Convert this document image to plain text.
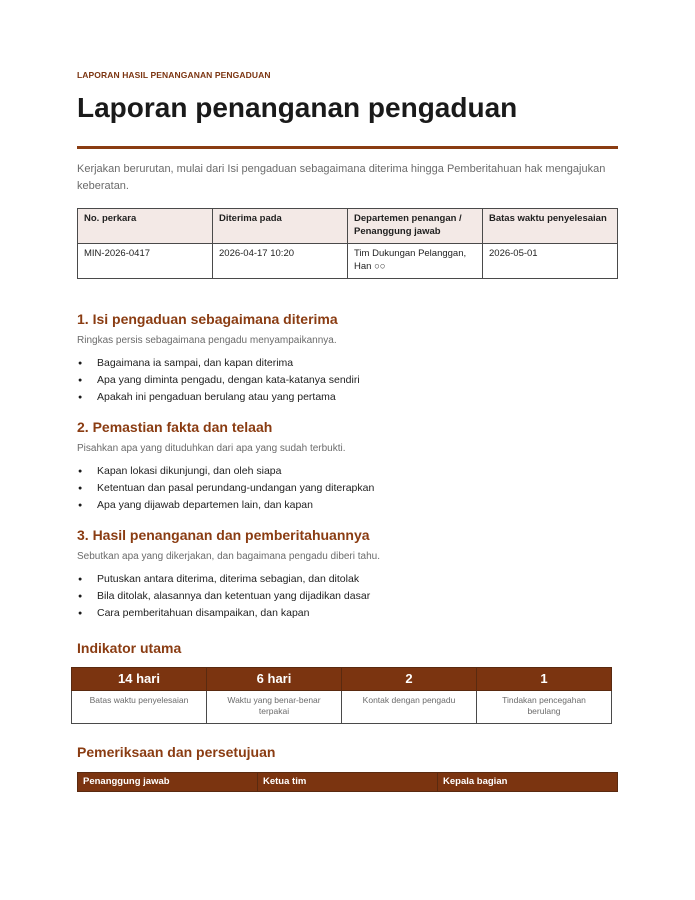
LAPORAN HASIL PENANGANAN PENGADUAN
Laporan penanganan pengaduan
Kerjakan berurutan, mulai dari Isi pengaduan sebagaimana diterima hingga Pemberitahuan hak mengajukan keberatan.
No. perkara	Diterima pada	Departemen penangan / Penanggung jawab	Batas waktu penyelesaian
MIN-2026-0417	2026-04-17 10:20	Tim Dukungan Pelanggan, Han ○○	2026-05-01
1. Isi pengaduan sebagaimana diterima
Ringkas persis sebagaimana pengadu menyampaikannya.
● Bagaimana ia sampai, dan kapan diterima
● Apa yang diminta pengadu, dengan kata-katanya sendiri
● Apakah ini pengaduan berulang atau yang pertama
2. Pemastian fakta dan telaah
Pisahkan apa yang dituduhkan dari apa yang sudah terbukti.
● Kapan lokasi dikunjungi, dan oleh siapa
● Ketentuan dan pasal perundang-undangan yang diterapkan
● Apa yang dijawab departemen lain, dan kapan
3. Hasil penanganan dan pemberitahuannya
Sebutkan apa yang dikerjakan, dan bagaimana pengadu diberi tahu.
● Putuskan antara diterima, diterima sebagian, dan ditolak
● Bila ditolak, alasannya dan ketentuan yang dijadikan dasar
● Cara pemberitahuan disampaikan, dan kapan
Indikator utama
14 hari	6 hari	2	1
Batas waktu penyelesaian	Waktu yang benar-benar terpakai	Kontak dengan pengadu	Tindakan pencegahan berulang
Pemeriksaan dan persetujuan
Penanggung jawab	Ketua tim	Kepala bagian
